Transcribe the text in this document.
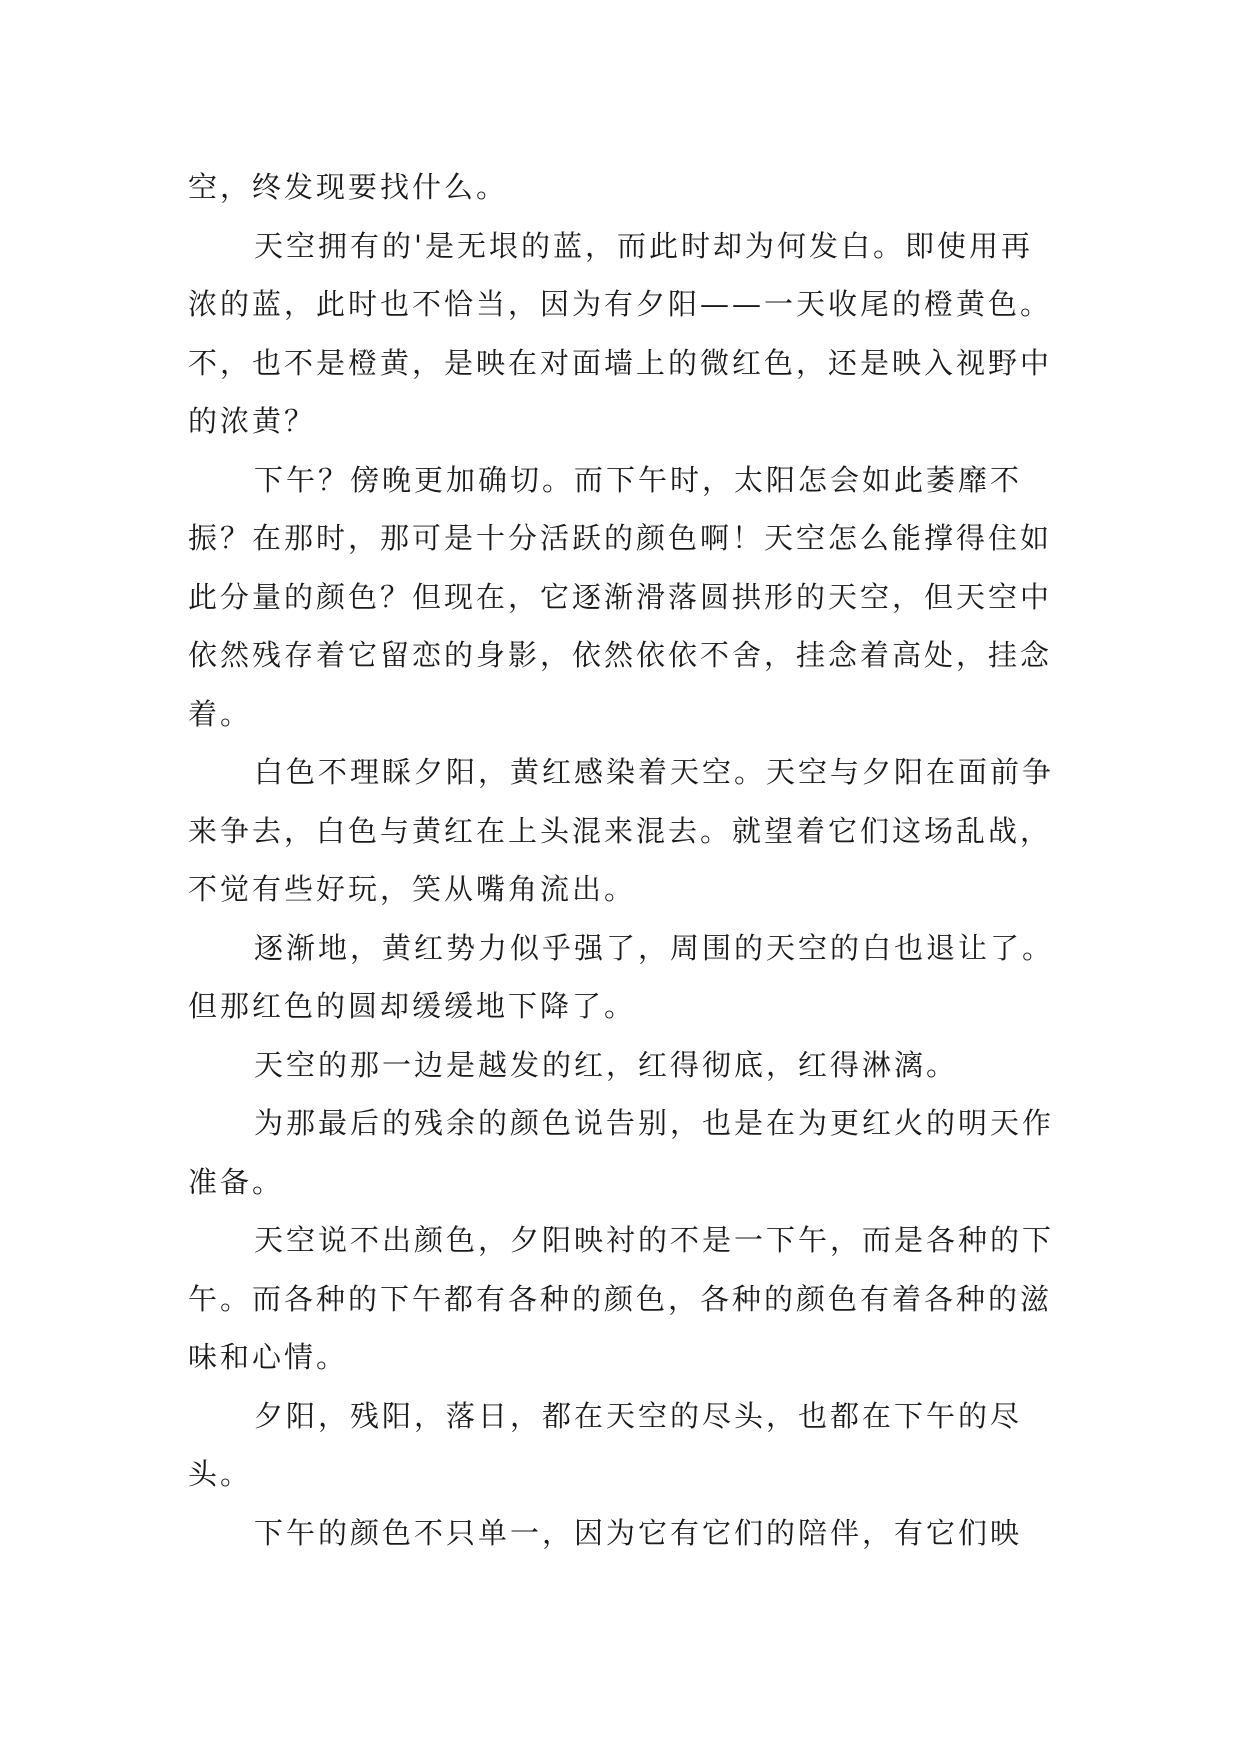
空，终发现要找什么。

天空拥有的'是无垠的蓝，而此时却为何发白。即使用再浓的蓝，此时也不恰当，因为有夕阳——一天收尾的橙黄色。不，也不是橙黄，是映在对面墙上的微红色，还是映入视野中的浓黄？

下午？傍晚更加确切。而下午时，太阳怎会如此萎靡不振？在那时，那可是十分活跃的颜色啊！天空怎么能撑得住如此分量的颜色？但现在，它逐渐滑落圆拱形的天空，但天空中依然残存着它留恋的身影，依然依依不舍，挂念着高处，挂念着。

白色不理睬夕阳，黄红感染着天空。天空与夕阳在面前争来争去，白色与黄红在上头混来混去。就望着它们这场乱战，不觉有些好玩，笑从嘴角流出。

逐渐地，黄红势力似乎强了，周围的天空的白也退让了。但那红色的圆却缓缓地下降了。

天空的那一边是越发的红，红得彻底，红得淋漓。

为那最后的残余的颜色说告别，也是在为更红火的明天作准备。

天空说不出颜色，夕阳映衬的不是一下午，而是各种的下午。而各种的下午都有各种的颜色，各种的颜色有着各种的滋味和心情。

夕阳，残阳，落日，都在天空的尽头，也都在下午的尽头。

下午的颜色不只单一，因为它有它们的陪伴，有它们映
